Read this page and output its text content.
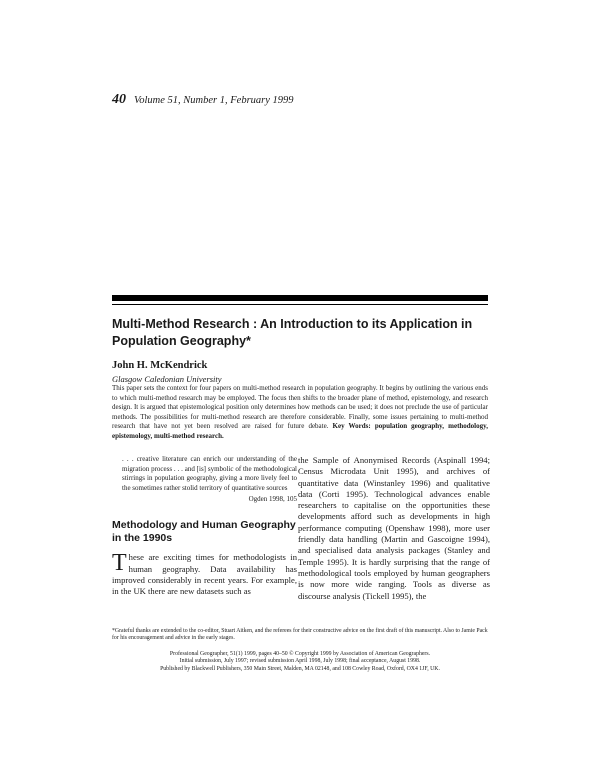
40 Volume 51, Number 1, February 1999
Multi-Method Research : An Introduction to its Application in Population Geography*
John H. McKendrick
Glasgow Caledonian University

This paper sets the context for four papers on multi-method research in population geography. It begins by outlining the various ends to which multi-method research may be employed. The focus then shifts to the broader plane of method, epistemology, and research design. It is argued that epistemological position only determines how methods can be used; it does not preclude the use of particular methods. The possibilities for multi-method research are therefore considerable. Finally, some issues pertaining to multi-method research that have not yet been resolved are raised for future debate. Key Words: population geography, methodology, epistemology, multi-method research.

. . . creative literature can enrich our understanding of the migration process . . . and [is] symbolic of the methodological stirrings in population geography, giving a more lively feel to the sometimes rather stolid territory of quantitative sources

Ogden 1998, 105

Methodology and Human Geography in the 1990s

These are exciting times for methodologists in human geography. Data availability has improved considerably in recent years. For example, in the UK there are new datasets such as

the Sample of Anonymised Records (Aspinall 1994; Census Microdata Unit 1995), and archives of quantitative data (Winstanley 1996) and qualitative data (Corti 1995). Technological advances enable researchers to capitalise on the opportunities these developments afford such as developments in high performance computing (Openshaw 1998), more user friendly data handling (Martin and Gascoigne 1994), and specialised data analysis packages (Stanley and Temple 1995). It is hardly surprising that the range of methodological tools employed by human geographers is now more wide ranging. Tools as diverse as discourse analysis (Tickell 1995), the

*Grateful thanks are extended to the co-editor, Stuart Aitken, and the referees for their constructive advice on the first draft of this manuscript. Also to Jamie Pack for his encouragement and advice in the early stages.

Professional Geographer, 51(1) 1999, pages 40–50 © Copyright 1999 by Association of American Geographers.

Initial submission, July 1997; revised submission April 1998, July 1998; final acceptance, August 1998.

Published by Blackwell Publishers, 350 Main Street, Malden, MA 02148, and 108 Cowley Road, Oxford, OX4 1JF, UK.
